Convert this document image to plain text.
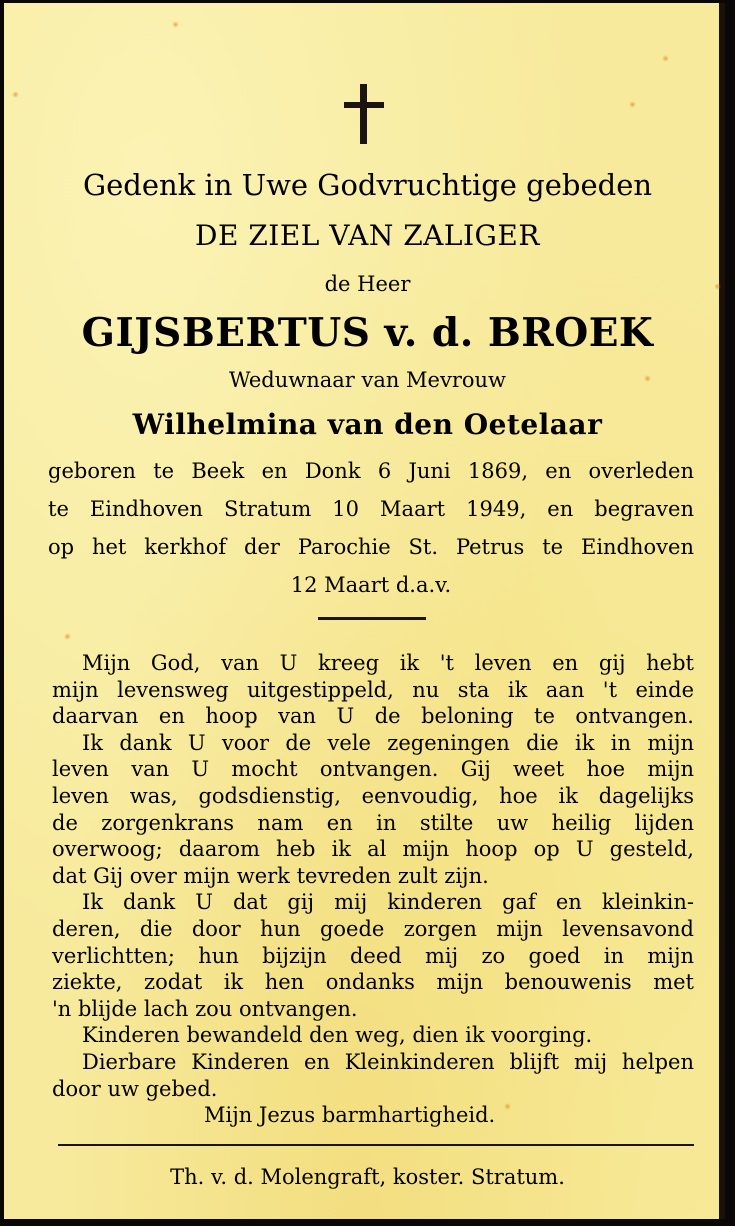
Gedenk in Uwe Godvruchtige gebeden
DE ZIEL VAN ZALIGER
de Heer
GIJSBERTUS v. d. BROEK
Weduwnaar van Mevrouw
Wilhelmina van den Oetelaar
geboren te Beek en Donk 6 Juni 1869, en overleden
te Eindhoven Stratum 10 Maart 1949, en begraven
op het kerkhof der Parochie St. Petrus te Eindhoven
12 Maart d.a.v.
Mijn God, van U kreeg ik 't leven en gij hebt
mijn levensweg uitgestippeld, nu sta ik aan 't einde
daarvan en hoop van U de beloning te ontvangen.
Ik dank U voor de vele zegeningen die ik in mijn
leven van U mocht ontvangen. Gij weet hoe mijn
leven was, godsdienstig, eenvoudig, hoe ik dagelijks
de zorgenkrans nam en in stilte uw heilig lijden
overwoog; daarom heb ik al mijn hoop op U gesteld,
dat Gij over mijn werk tevreden zult zijn.
Ik dank U dat gij mij kinderen gaf en kleinkin-
deren, die door hun goede zorgen mijn levensavond
verlichtten; hun bijzijn deed mij zo goed in mijn
ziekte, zodat ik hen ondanks mijn benouwenis met
'n blijde lach zou ontvangen.
Kinderen bewandeld den weg, dien ik voorging.
Dierbare Kinderen en Kleinkinderen blijft mij helpen
door uw gebed.
Mijn Jezus barmhartigheid.
Th. v. d. Molengraft, koster. Stratum.
